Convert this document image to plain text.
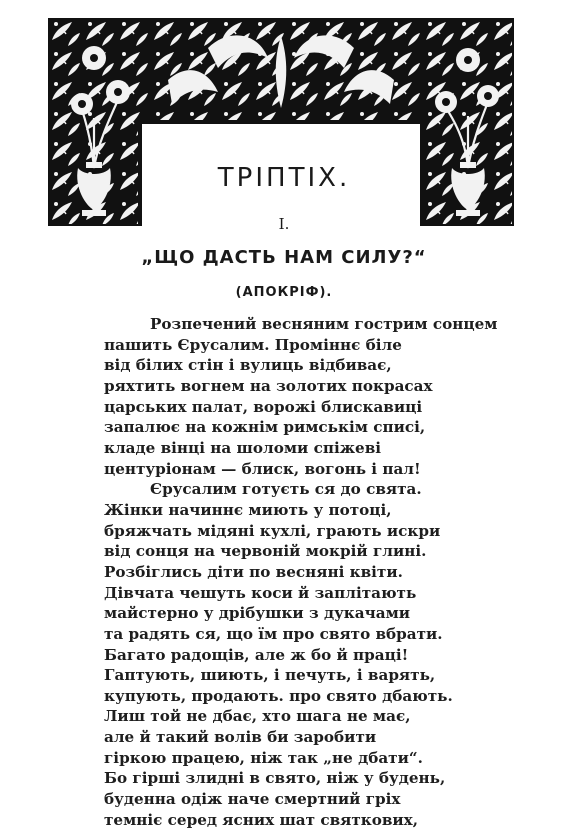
ТРІПТІХ.
I.
„ЩО ДАСТЬ НАМ СИЛУ?“
(АПОКРІФ).
Розпечений весняним гострим сонцем
пашить Єрусалим. Проміннє біле
від білих стін і вулиць відбиває,
ряхтить вогнем на золотих покрасах
царських палат, ворожі блискавиці
запалює на кожнім римськім списі,
кладе вінці на шоломи спіжеві
центуріонам — блиск, вогонь і пал!
Єрусалим готуєть ся до свята.
Жінки начиннє миють у потоці,
бряжчать мідяні кухлі, грають искри
від сонця на червоній мокрій глині.
Розбіглись діти по весняні квіти.
Дівчата чешуть коси й заплітають
майстерно у дрібушки з дукачами
та радять ся, що їм про свято вбрати.
Багато радощів, але ж бо й праці!
Гаптують, шиють, і печуть, і варять,
купують, продають. про свято дбають.
Лиш той не дбає, хто шага не має,
але й такий волів би заробити
гіркою працею, ніж так „не дбати“.
Бо гірші злидні в свято, ніж у будень,
буденна одіж наче смертний гріх
темніє серед ясних шат святкових,
